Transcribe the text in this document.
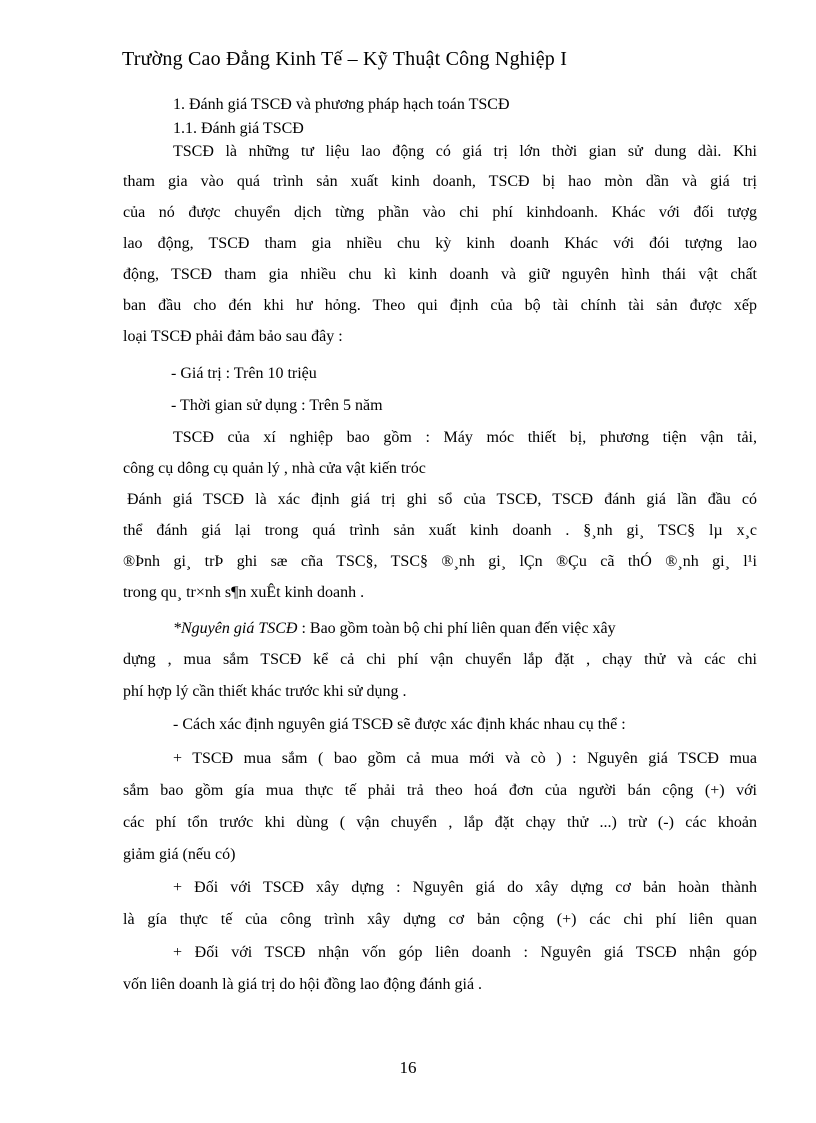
Trường Cao Đẳng Kinh Tế – Kỹ Thuật Công Nghiệp I
1. Đánh giá TSCĐ và phương pháp hạch toán TSCĐ
1.1. Đánh giá TSCĐ
TSCĐ là những tư liệu lao động có giá trị lớn thời gian sử dung dài. Khi
tham gia vào quá trình sản xuất kinh doanh, TSCĐ bị hao mòn dần và giá trị
của nó được chuyển dịch từng phần vào chi phí kinhdoanh. Khác với đối tượg
lao động, TSCĐ tham gia nhiều chu kỳ kinh doanh Khác với đói tượng lao
động, TSCĐ tham gia nhiều chu kì kinh doanh và giữ nguyên hình thái vật chất
ban đầu cho đén khi hư hỏng. Theo qui định của bộ tài chính tài sản được xếp
loại TSCĐ phải đảm bảo sau đây :
- Giá trị : Trên 10 triệu
- Thời gian sử dụng : Trên 5 năm
TSCĐ của xí nghiệp bao gồm : Máy móc thiết bị, phương tiện vận tải,
công cụ dông cụ quản lý , nhà cửa vật kiến tróc
Đánh giá TSCĐ là xác định giá trị ghi sổ của TSCĐ, TSCĐ đánh giá lần đầu có
thể đánh giá lại trong quá trình sản xuất kinh doanh . §¸nh gi¸ TSC§ lµ x¸c
®Þnh gi¸ trÞ ghi sæ cña TSC§, TSC§ ®¸nh gi¸ lÇn ®Çu cã thÓ ®¸nh gi¸ l¹i
trong qu¸ tr×nh s¶n xuÊt kinh doanh .
*Nguyên giá TSCĐ : Bao gồm toàn bộ chi phí liên quan đến việc xây
dựng , mua sắm TSCĐ kể cả chi phí vận chuyển lắp đặt , chạy thử và các chi
phí hợp lý cần thiết khác trước khi sử dụng .
- Cách xác định nguyên giá TSCĐ sẽ được xác định khác nhau cụ thể :
+ TSCĐ mua sắm ( bao gồm cả mua mới và cò ) : Nguyên giá TSCĐ mua
sắm bao gồm gía mua thực tế phải trả theo hoá đơn của người bán cộng (+) với
các phí tổn trước khi dùng ( vận chuyển , lắp đặt chạy thử ...) trừ (-) các khoản
giảm giá (nếu có)
+ Đối với TSCĐ xây dựng : Nguyên giá do xây dựng cơ bản hoàn thành
là gía thực tế của công trình xây dựng cơ bản cộng (+) các chi phí liên quan
+ Đối với TSCĐ nhận vốn góp liên doanh : Nguyên giá TSCĐ nhận góp
vốn liên doanh là giá trị do hội đồng lao động đánh giá .
16
